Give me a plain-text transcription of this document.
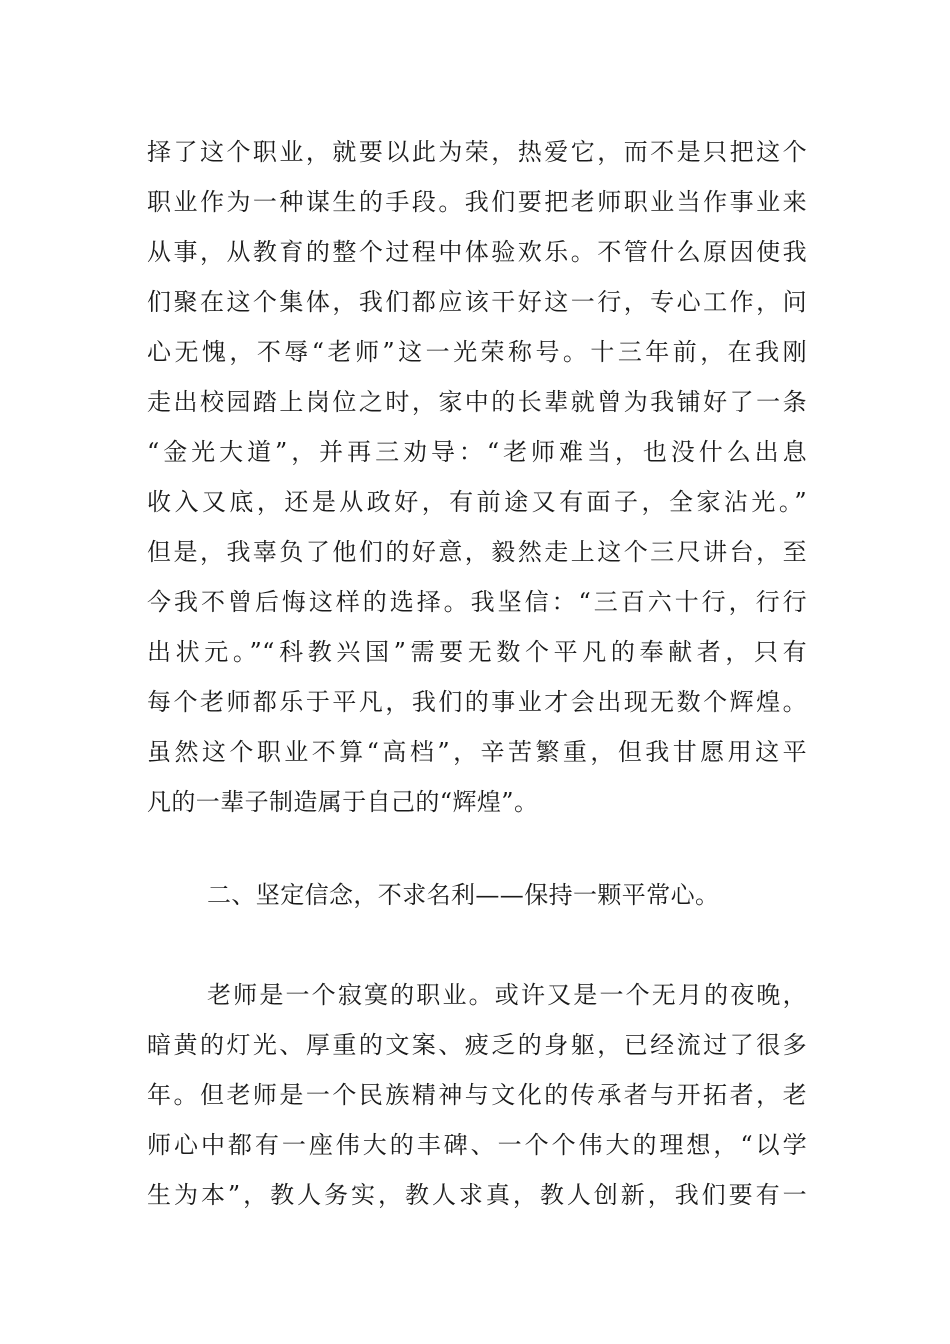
择了这个职业，就要以此为荣，热爱它，而不是只把这个
职业作为一种谋生的手段。我们要把老师职业当作事业来
从事，从教育的整个过程中体验欢乐。不管什么原因使我
们聚在这个集体，我们都应该干好这一行，专心工作，问
心无愧，不辱“老师”这一光荣称号。十三年前，在我刚
走出校园踏上岗位之时，家中的长辈就曾为我铺好了一条
“金光大道”，并再三劝导：“老师难当，也没什么出息
收入又底，还是从政好，有前途又有面子，全家沾光。”
但是，我辜负了他们的好意，毅然走上这个三尺讲台，至
今我不曾后悔这样的选择。我坚信：“三百六十行，行行
出状元。”“科教兴国”需要无数个平凡的奉献者，只有
每个老师都乐于平凡，我们的事业才会出现无数个辉煌。
虽然这个职业不算“高档”，辛苦繁重，但我甘愿用这平
凡的一辈子制造属于自己的“辉煌”。
二、坚定信念，不求名利——保持一颗平常心。
老师是一个寂寞的职业。或许又是一个无月的夜晚，
暗黄的灯光、厚重的文案、疲乏的身躯，已经流过了很多
年。但老师是一个民族精神与文化的传承者与开拓者，老
师心中都有一座伟大的丰碑、一个个伟大的理想，“以学
生为本”，教人务实，教人求真，教人创新，我们要有一
